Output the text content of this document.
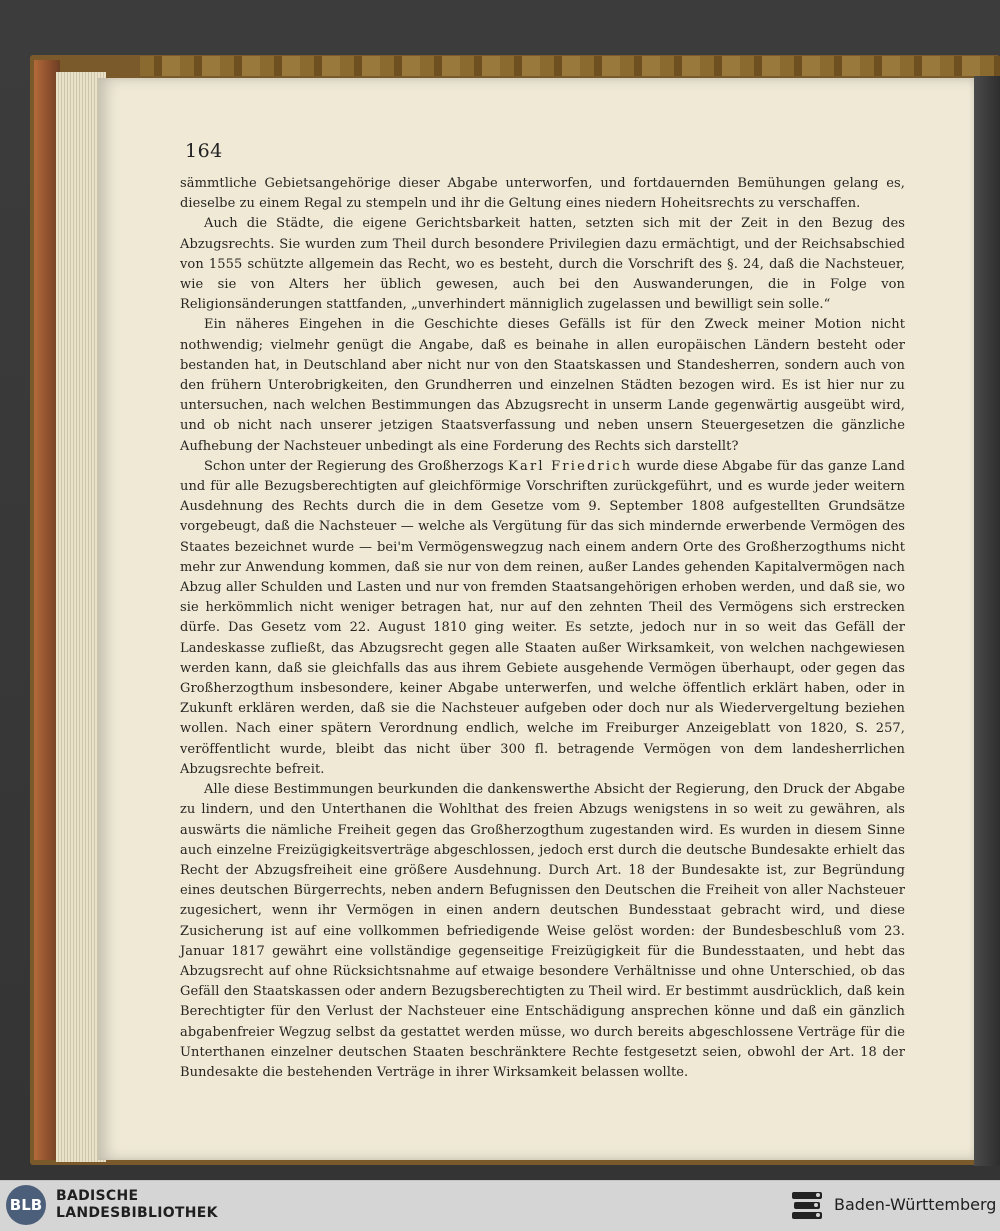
164

sämmtliche Gebietsangehörige dieser Abgabe unterworfen, und fortdauernden Bemühungen gelang es, dieselbe zu einem Regal zu stempeln und ihr die Geltung eines niedern Hoheitsrechts zu verschaffen.

Auch die Städte, die eigene Gerichtsbarkeit hatten, setzten sich mit der Zeit in den Bezug des Abzugsrechts. Sie wurden zum Theil durch besondere Privilegien dazu ermächtigt, und der Reichsabschied von 1555 schützte allgemein das Recht, wo es besteht, durch die Vorschrift des §. 24, daß die Nachsteuer, wie sie von Alters her üblich gewesen, auch bei den Auswanderungen, die in Folge von Religionsänderungen stattfanden, „unverhindert männiglich zugelassen und bewilligt sein solle.“

Ein näheres Eingehen in die Geschichte dieses Gefälls ist für den Zweck meiner Motion nicht nothwendig; vielmehr genügt die Angabe, daß es beinahe in allen europäischen Ländern besteht oder bestanden hat, in Deutschland aber nicht nur von den Staatskassen und Standesherren, sondern auch von den frühern Unterobrigkeiten, den Grundherren und einzelnen Städten bezogen wird. Es ist hier nur zu untersuchen, nach welchen Bestimmungen das Abzugsrecht in unserm Lande gegenwärtig ausgeübt wird, und ob nicht nach unserer jetzigen Staatsverfassung und neben unsern Steuergesetzen die gänzliche Aufhebung der Nachsteuer unbedingt als eine Forderung des Rechts sich darstellt?

Schon unter der Regierung des Großherzogs Karl Friedrich wurde diese Abgabe für das ganze Land und für alle Bezugsberechtigten auf gleichförmige Vorschriften zurückgeführt, und es wurde jeder weitern Ausdehnung des Rechts durch die in dem Gesetze vom 9. September 1808 aufgestellten Grundsätze vorgebeugt, daß die Nachsteuer — welche als Vergütung für das sich mindernde erwerbende Vermögen des Staates bezeichnet wurde — bei'm Vermögenswegzug nach einem andern Orte des Großherzogthums nicht mehr zur Anwendung kommen, daß sie nur von dem reinen, außer Landes gehenden Kapitalvermögen nach Abzug aller Schulden und Lasten und nur von fremden Staatsangehörigen erhoben werden, und daß sie, wo sie herkömmlich nicht weniger betragen hat, nur auf den zehnten Theil des Vermögens sich erstrecken dürfe. Das Gesetz vom 22. August 1810 ging weiter. Es setzte, jedoch nur in so weit das Gefäll der Landeskasse zufließt, das Abzugsrecht gegen alle Staaten außer Wirksamkeit, von welchen nachgewiesen werden kann, daß sie gleichfalls das aus ihrem Gebiete ausgehende Vermögen überhaupt, oder gegen das Großherzogthum insbesondere, keiner Abgabe unterwerfen, und welche öffentlich erklärt haben, oder in Zukunft erklären werden, daß sie die Nachsteuer aufgeben oder doch nur als Wiedervergeltung beziehen wollen. Nach einer spätern Verordnung endlich, welche im Freiburger Anzeigeblatt von 1820, S. 257, veröffentlicht wurde, bleibt das nicht über 300 fl. betragende Vermögen von dem landesherrlichen Abzugsrechte befreit.

Alle diese Bestimmungen beurkunden die dankenswerthe Absicht der Regierung, den Druck der Abgabe zu lindern, und den Unterthanen die Wohlthat des freien Abzugs wenigstens in so weit zu gewähren, als auswärts die nämliche Freiheit gegen das Großherzogthum zugestanden wird. Es wurden in diesem Sinne auch einzelne Freizügigkeitsverträge abgeschlossen, jedoch erst durch die deutsche Bundesakte erhielt das Recht der Abzugsfreiheit eine größere Ausdehnung. Durch Art. 18 der Bundesakte ist, zur Begründung eines deutschen Bürgerrechts, neben andern Befugnissen den Deutschen die Freiheit von aller Nachsteuer zugesichert, wenn ihr Vermögen in einen andern deutschen Bundesstaat gebracht wird, und diese Zusicherung ist auf eine vollkommen befriedigende Weise gelöst worden: der Bundesbeschluß vom 23. Januar 1817 gewährt eine vollständige gegenseitige Freizügigkeit für die Bundesstaaten, und hebt das Abzugsrecht auf ohne Rücksichtsnahme auf etwaige besondere Verhältnisse und ohne Unterschied, ob das Gefäll den Staatskassen oder andern Bezugsberechtigten zu Theil wird. Er bestimmt ausdrücklich, daß kein Berechtigter für den Verlust der Nachsteuer eine Entschädigung ansprechen könne und daß ein gänzlich abgabenfreier Wegzug selbst da gestattet werden müsse, wo durch bereits abgeschlossene Verträge für die Unterthanen einzelner deutschen Staaten beschränktere Rechte festgesetzt seien, obwohl der Art. 18 der Bundesakte die bestehenden Verträge in ihrer Wirksamkeit belassen wollte.

BLB BADISCHE
LANDESBIBLIOTHEK	Baden-Württemberg
